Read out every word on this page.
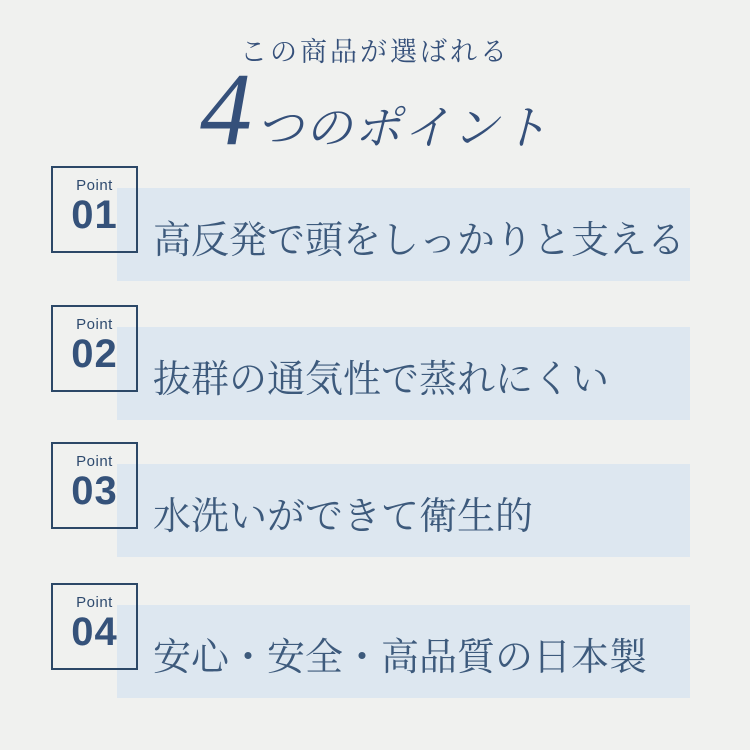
この商品が選ばれる
4 つのポイント
Point
01
高反発で頭をしっかりと支える
Point
02
抜群の通気性で蒸れにくい
Point
03
水洗いができて衛生的
Point
04
安心・安全・高品質の日本製
